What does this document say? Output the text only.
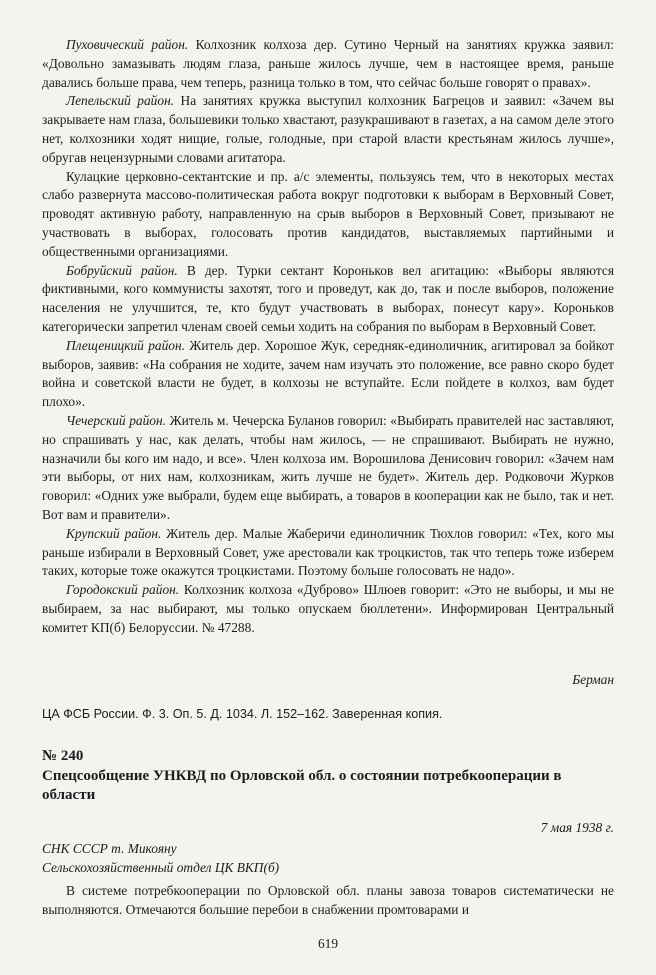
Пуховический район. Колхозник колхоза дер. Сутино Черный на занятиях кружка заявил: «Довольно замазывать людям глаза, раньше жилось лучше, чем в настоящее время, раньше давались больше права, чем теперь, разница только в том, что сейчас больше говорят о правах».

Лепельский район. На занятиях кружка выступил колхозник Багрецов и заявил: «Зачем вы закрываете нам глаза, большевики только хвастают, разукрашивают в газетах, а на самом деле этого нет, колхозники ходят нищие, голые, голодные, при старой власти крестьянам жилось лучше», обругав нецензурными словами агитатора.

Кулацкие церковно-сектантские и пр. а/с элементы, пользуясь тем, что в некоторых местах слабо развернута массово-политическая работа вокруг подготовки к выборам в Верховный Совет, проводят активную работу, направленную на срыв выборов в Верховный Совет, призывают не участвовать в выборах, голосовать против кандидатов, выставляемых партийными и общественными организациями.

Бобруйский район. В дер. Турки сектант Короньков вел агитацию: «Выборы являются фиктивными, кого коммунисты захотят, того и проведут, как до, так и после выборов, положение населения не улучшится, те, кто будут участвовать в выборах, понесут кару». Короньков категорически запретил членам своей семьи ходить на собрания по выборам в Верховный Совет.

Плещеницкий район. Житель дер. Хорошое Жук, середняк-единоличник, агитировал за бойкот выборов, заявив: «На собрания не ходите, зачем нам изучать это положение, все равно скоро будет война и советской власти не будет, в колхозы не вступайте. Если пойдете в колхоз, вам будет плохо».

Чечерский район. Житель м. Чечерска Буланов говорил: «Выбирать правителей нас заставляют, но спрашивать у нас, как делать, чтобы нам жилось, — не спрашивают. Выбирать не нужно, назначили бы кого им надо, и все». Член колхоза им. Ворошилова Денисович говорил: «Зачем нам эти выборы, от них нам, колхозникам, жить лучше не будет». Житель дер. Родковочи Журков говорил: «Одних уже выбрали, будем еще выбирать, а товаров в кооперации как не было, так и нет. Вот вам и правители».

Крупский район. Житель дер. Малые Жаберичи единоличник Тюхлов говорил: «Тех, кого мы раньше избирали в Верховный Совет, уже арестовали как троцкистов, так что теперь тоже изберем таких, которые тоже окажутся троцкистами. Поэтому больше голосовать не надо».

Городокский район. Колхозник колхоза «Дуброво» Шлюев говорит: «Это не выборы, и мы не выбираем, за нас выбирают, мы только опускаем бюллетени». Информирован Центральный комитет КП(б) Белоруссии. № 47288.

Берман
ЦА ФСБ России. Ф. 3. Оп. 5. Д. 1034. Л. 152–162. Заверенная копия.
№ 240
Спецсообщение УНКВД по Орловской обл. о состоянии потребкооперации в области
7 мая 1938 г.
СНК СССР т. Микояну
Сельскохозяйственный отдел ЦК ВКП(б)
В системе потребкооперации по Орловской обл. планы завоза товаров систематически не выполняются. Отмечаются большие перебои в снабжении промтоварами и
619
